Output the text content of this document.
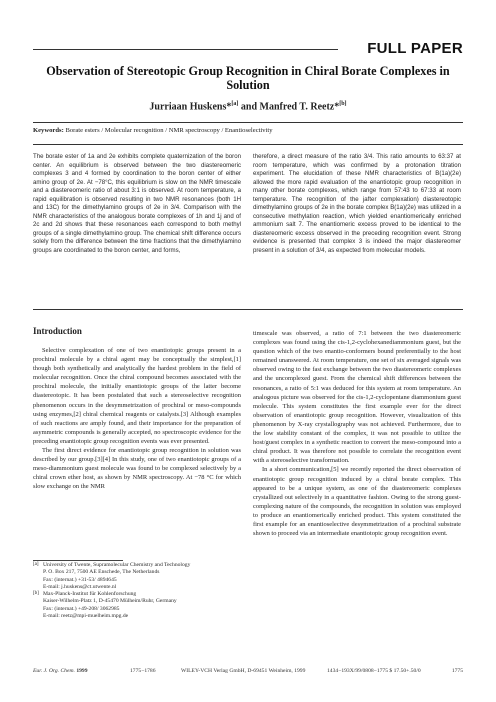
FULL PAPER
Observation of Stereotopic Group Recognition in Chiral Borate Complexes in Solution
Jurriaan Huskens*[a] and Manfred T. Reetz*[b]
Keywords: Borate esters / Molecular recognition / NMR spectroscopy / Enantioselectivity
The borate ester of 1a and 2e exhibits complete quaternization of the boron center. An equilibrium is observed between the two diastereomeric complexes 3 and 4 formed by coordination to the boron center of either amino group of 2e. At −78°C, this equilibrium is slow on the NMR timescale and a diastereomeric ratio of about 3:1 is observed. At room temperature, a rapid equilibration is observed resulting in two NMR resonances (both 1H and 13C) for the dimethylamino groups of 2e in 3/4. Comparison with the NMR characteristics of the analogous borate complexes of 1h and 1j and of 2c and 2d shows that these resonances each correspond to both methyl groups of a single dimethylamino group. The chemical shift difference occurs solely from the difference between the time fractions that the dimethylamino groups are coordinated to the boron center, and forms,
therefore, a direct measure of the ratio 3/4. This ratio amounts to 63:37 at room temperature, which was confirmed by a protonation titration experiment. The elucidation of these NMR characteristics of B(1a)(2e) allowed the more rapid evaluation of the enantiotopic group recognition in many other borate complexes, which range from 57:43 to 67:33 at room temperature. The recognition of the jafter complexation) diastereotopic dimethylamino groups of 2e in the borate complex B(1a)(2e) was utilized in a consecutive methylation reaction, which yielded enantiomerically enriched ammonium salt 7. The enantiomeric excess proved to be identical to the diastereomeric excess observed in the preceding recognition event. Strong evidence is presented that complex 3 is indeed the major diastereomer present in a solution of 3/4, as expected from molecular models.
Introduction

Selective complexation of one of two enantiotopic groups present in a prochiral molecule by a chiral agent may be conceptually the simplest,[1] though both synthetically and analytically the hardest problem in the field of molecular recognition. Once the chiral compound becomes associated with the prochiral molecule, the initially enantiotopic groups of the latter become diastereotopic. It has been postulated that such a stereoselective recognition phenomenon occurs in the desymmetrization of prochiral or meso-compounds using enzymes,[2] chiral chemical reagents or catalysts.[3] Although examples of such reactions are amply found, and their importance for the preparation of asymmetric compounds is generally accepted, no spectroscopic evidence for the preceding enantiotopic group recognition events was ever presented.

The first direct evidence for enantiotopic group recognition in solution was described by our group.[3][4] In this study, one of two enantiotopic groups of a meso-diammonium guest molecule was found to be complexed selectively by a chiral crown ether host, as shown by NMR spectroscopy. At −78 °C for which slow exchange on the NMR

timescale was observed, a ratio of 7:1 between the two diastereomeric complexes was found using the cis-1,2-cyclohexanediammonium guest, but the question which of the two enantio-conformers bound preferentially to the host remained unanswered. At room temperature, one set of six averaged signals was observed owing to the fast exchange between the two diastereomeric complexes and the uncomplexed guest. From the chemical shift differences between the resonances, a ratio of 5:1 was deduced for this system at room temperature. An analogous picture was observed for the cis-1,2-cyclopentane diammonium guest molecule. This system constitutes the first example ever for the direct observation of enantiotopic group recognition. However, visualization of this phenomenon by X-ray crystallography was not achieved. Furthermore, due to the low stability constant of the complex, it was not possible to utilize the host/guest complex in a synthetic reaction to convert the meso-compound into a chiral product. It was therefore not possible to correlate the recognition event with a stereoselective transformation.

In a short communication,[5] we recently reported the direct observation of enantiotopic group recognition induced by a chiral borate complex. This appeared to be a unique system, as one of the diastereomeric complexes crystallized out selectively in a quantitative fashion. Owing to the strong guest-complexing nature of the compounds, the recognition in solution was employed to produce an enantiomerically enriched product. This system constituted the first example for an enantioselective desymmetrization of a prochiral substrate shown to proceed via an intermediate enantiotopic group recognition event.

[a] University of Twente, Supramolecular Chemistry and Technology
P. O. Box 217, 7500 AE Enschede, The Netherlands
Fax: (internat.) +31-53/ 4894645
E-mail: j.huskens@ct.utwente.nl
[b] Max-Planck-Institut für Kohlenforschung
Kaiser-Wilhelm-Platz 1, D-45470 Mülheim/Ruhr, Germany
Fax: (internat.) +49-208/ 3062985
E-mail: reetz@mpi-muelheim.mpg.de
Eur. J. Org. Chem. 1999	1775−1786	WILEY-VCH Verlag GmbH, D-69451 Weinheim, 1999	1434−193X/99/0808−1775 $ 17.50+.50/0	1775
